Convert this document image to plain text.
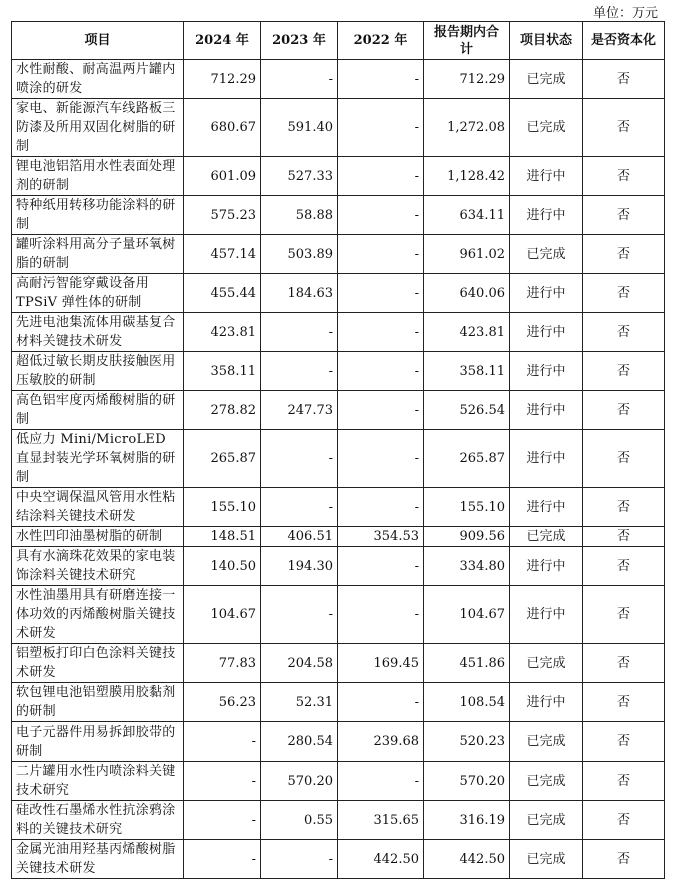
单位：万元
项目	2024 年	2023 年	2022 年	报告期内合计	项目状态	是否资本化
水性耐酸、耐高温两片罐内喷涂的研发	712.29	-	-	712.29	已完成	否
家电、新能源汽车线路板三防漆及所用双固化树脂的研制	680.67	591.40	-	1,272.08	已完成	否
锂电池铝箔用水性表面处理剂的研制	601.09	527.33	-	1,128.42	进行中	否
特种纸用转移功能涂料的研制	575.23	58.88	-	634.11	进行中	否
罐听涂料用高分子量环氧树脂的研制	457.14	503.89	-	961.02	已完成	否
高耐污智能穿戴设备用TPSiV 弹性体的研制	455.44	184.63	-	640.06	进行中	否
先进电池集流体用碳基复合材料关键技术研发	423.81	-	-	423.81	进行中	否
超低过敏长期皮肤接触医用压敏胶的研制	358.11	-	-	358.11	进行中	否
高色铝牢度丙烯酸树脂的研制	278.82	247.73	-	526.54	进行中	否
低应力 Mini/MicroLED 直显封装光学环氧树脂的研制	265.87	-	-	265.87	进行中	否
中央空调保温风管用水性粘结涂料关键技术研发	155.10	-	-	155.10	进行中	否
水性凹印油墨树脂的研制	148.51	406.51	354.53	909.56	已完成	否
具有水滴珠花效果的家电装饰涂料关键技术研究	140.50	194.30	-	334.80	进行中	否
水性油墨用具有研磨连接一体功效的丙烯酸树脂关键技术研发	104.67	-	-	104.67	进行中	否
铝塑板打印白色涂料关键技术研发	77.83	204.58	169.45	451.86	已完成	否
软包锂电池铝塑膜用胶黏剂的研制	56.23	52.31	-	108.54	进行中	否
电子元器件用易拆卸胶带的研制	-	280.54	239.68	520.23	已完成	否
二片罐用水性内喷涂料关键技术研究	-	570.20	-	570.20	已完成	否
硅改性石墨烯水性抗涂鸦涂料的关键技术研究	-	0.55	315.65	316.19	已完成	否
金属光油用羟基丙烯酸树脂关键技术研发	-	-	442.50	442.50	已完成	否
